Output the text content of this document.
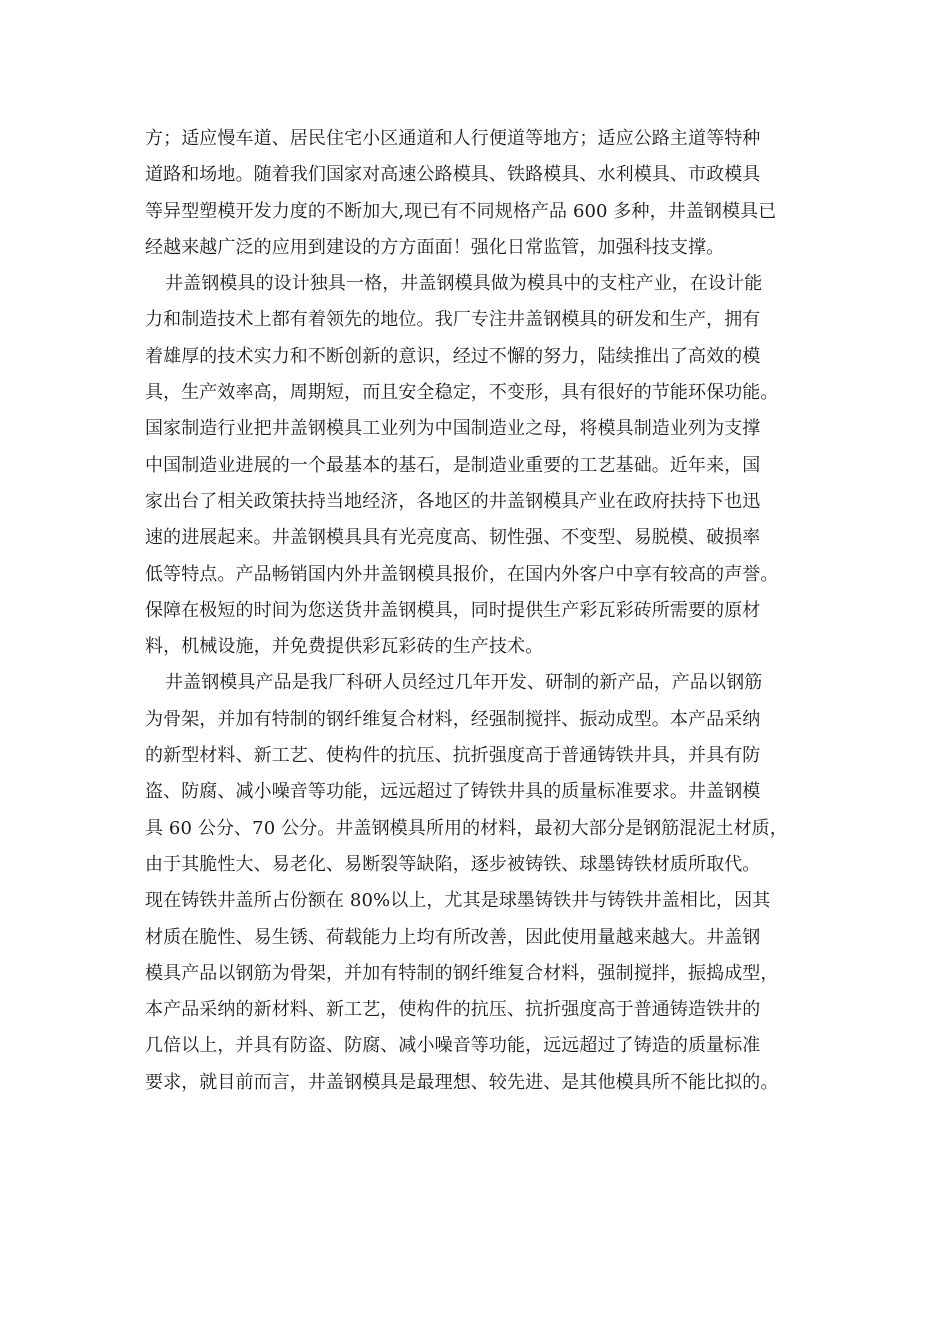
方；适应慢车道、居民住宅小区通道和人行便道等地方；适应公路主道等特种
道路和场地。随着我们国家对高速公路模具、铁路模具、水利模具、市政模具
等异型塑模开发力度的不断加大,现已有不同规格产品 600 多种，井盖钢模具已
经越来越广泛的应用到建设的方方面面！强化日常监管，加强科技支撑。
井盖钢模具的设计独具一格，井盖钢模具做为模具中的支柱产业，在设计能
力和制造技术上都有着领先的地位。我厂专注井盖钢模具的研发和生产，拥有
着雄厚的技术实力和不断创新的意识，经过不懈的努力，陆续推出了高效的模
具，生产效率高，周期短，而且安全稳定，不变形，具有很好的节能环保功能。
国家制造行业把井盖钢模具工业列为中国制造业之母，将模具制造业列为支撑
中国制造业进展的一个最基本的基石，是制造业重要的工艺基础。近年来，国
家出台了相关政策扶持当地经济，各地区的井盖钢模具产业在政府扶持下也迅
速的进展起来。井盖钢模具具有光亮度高、韧性强、不变型、易脱模、破损率
低等特点。产品畅销国内外井盖钢模具报价，在国内外客户中享有较高的声誉。
保障在极短的时间为您送货井盖钢模具，同时提供生产彩瓦彩砖所需要的原材
料，机械设施，并免费提供彩瓦彩砖的生产技术。
井盖钢模具产品是我厂科研人员经过几年开发、研制的新产品，产品以钢筋
为骨架，并加有特制的钢纤维复合材料，经强制搅拌、振动成型。本产品采纳
的新型材料、新工艺、使构件的抗压、抗折强度高于普通铸铁井具，并具有防
盗、防腐、减小噪音等功能，远远超过了铸铁井具的质量标准要求。井盖钢模
具 60 公分、70 公分。井盖钢模具所用的材料，最初大部分是钢筋混泥土材质，
由于其脆性大、易老化、易断裂等缺陷，逐步被铸铁、球墨铸铁材质所取代。
现在铸铁井盖所占份额在 80%以上，尤其是球墨铸铁井与铸铁井盖相比，因其
材质在脆性、易生锈、荷载能力上均有所改善，因此使用量越来越大。井盖钢
模具产品以钢筋为骨架，并加有特制的钢纤维复合材料，强制搅拌，振捣成型，
本产品采纳的新材料、新工艺，使构件的抗压、抗折强度高于普通铸造铁井的
几倍以上，并具有防盗、防腐、减小噪音等功能，远远超过了铸造的质量标准
要求，就目前而言，井盖钢模具是最理想、较先进、是其他模具所不能比拟的。
